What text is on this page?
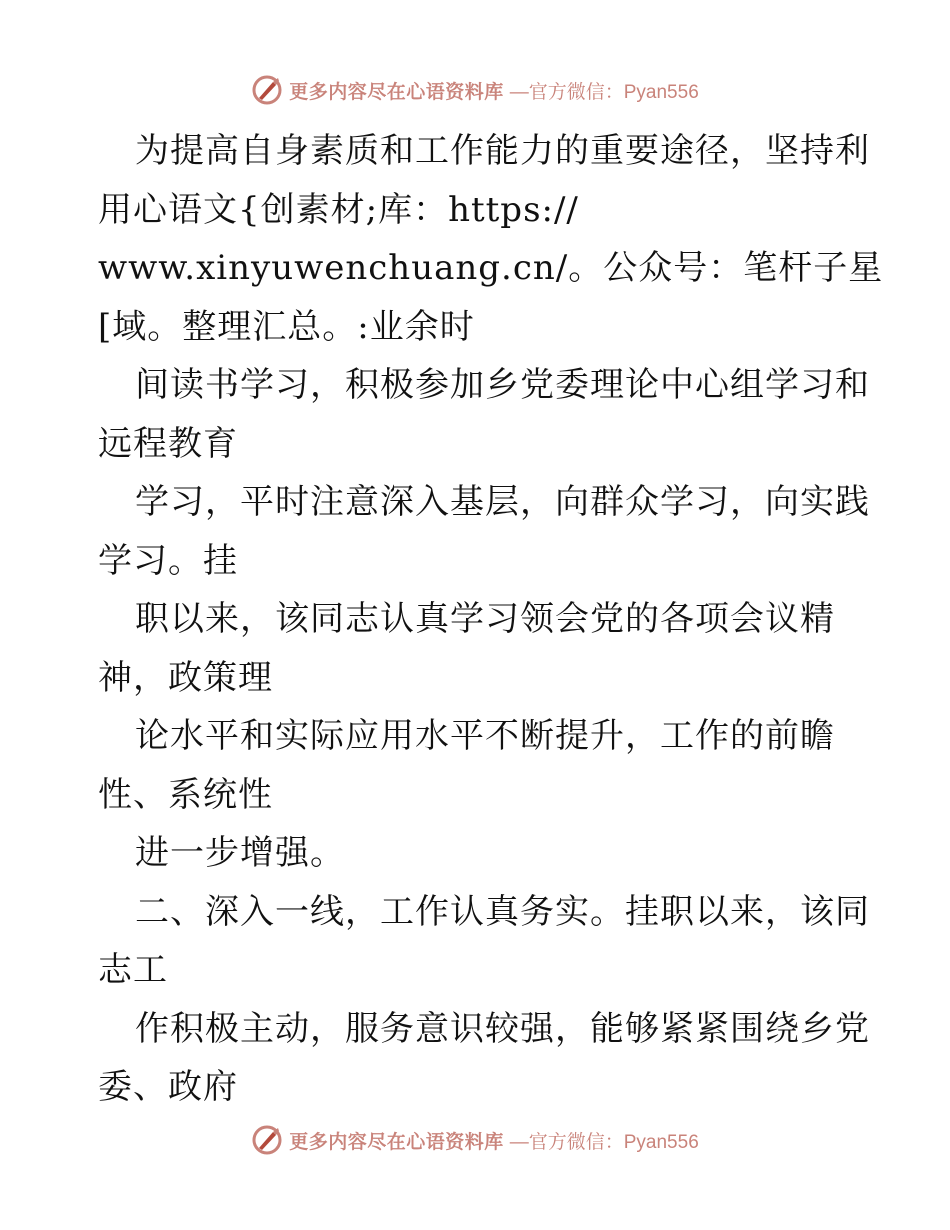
更多内容尽在心语资料库 —官方微信：Pyan556
为提高自身素质和工作能力的重要途径，坚持利
用心语文{创素材;库：https://
www.xinyuwenchuang.cn/。公众号：笔杆子星
[域。整理汇总。:业余时
间读书学习，积极参加乡党委理论中心组学习和
远程教育
学习，平时注意深入基层，向群众学习，向实践
学习。挂
职以来，该同志认真学习领会党的各项会议精
神，政策理
论水平和实际应用水平不断提升，工作的前瞻
性、系统性
进一步增强。
二、深入一线，工作认真务实。挂职以来，该同
志工
作积极主动，服务意识较强，能够紧紧围绕乡党
委、政府
更多内容尽在心语资料库 —官方微信：Pyan556
